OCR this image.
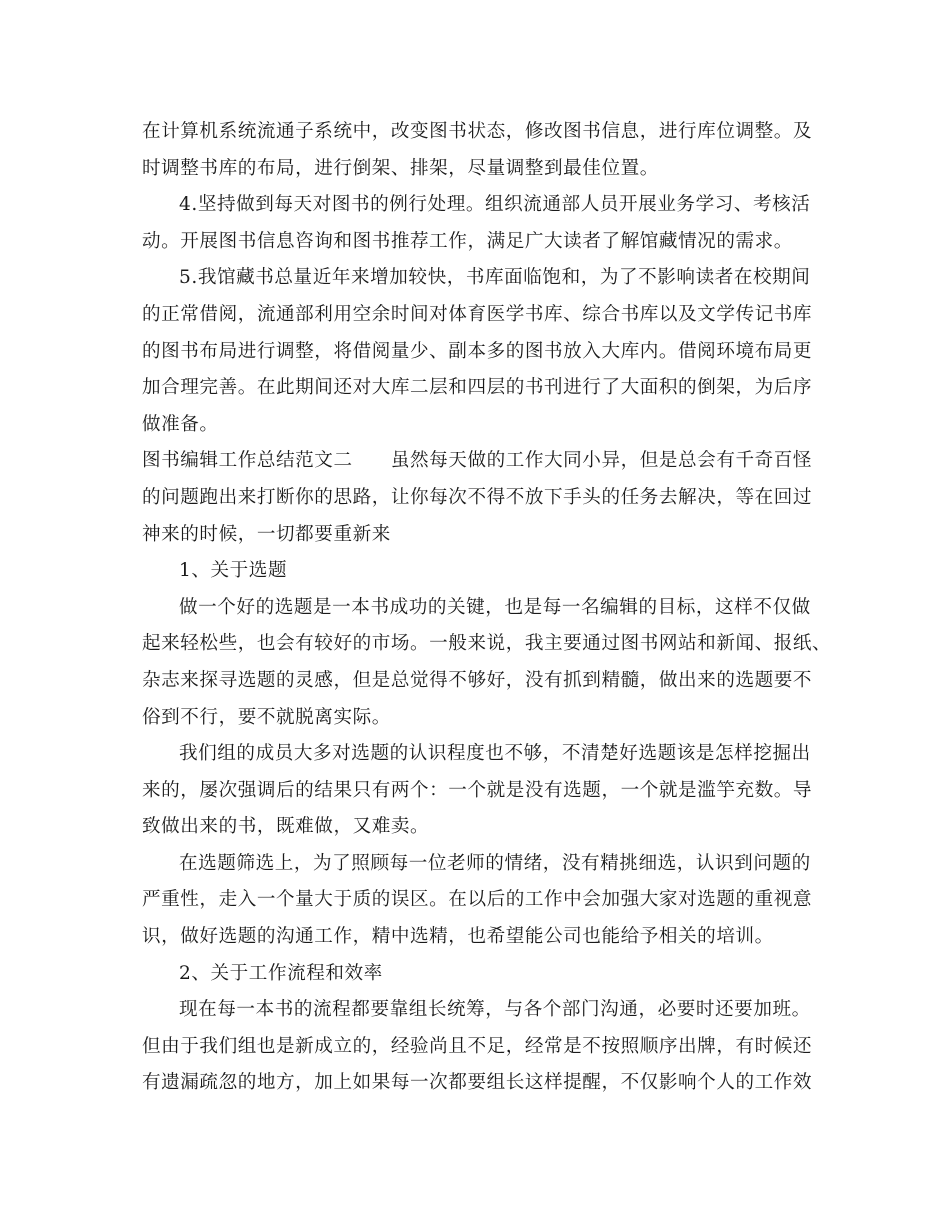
在计算机系统流通子系统中，改变图书状态，修改图书信息，进行库位调整。及
时调整书库的布局，进行倒架、排架，尽量调整到最佳位置。
4.坚持做到每天对图书的例行处理。组织流通部人员开展业务学习、考核活
动。开展图书信息咨询和图书推荐工作，满足广大读者了解馆藏情况的需求。
5.我馆藏书总量近年来增加较快，书库面临饱和，为了不影响读者在校期间
的正常借阅，流通部利用空余时间对体育医学书库、综合书库以及文学传记书库
的图书布局进行调整，将借阅量少、副本多的图书放入大库内。借阅环境布局更
加合理完善。在此期间还对大库二层和四层的书刊进行了大面积的倒架，为后序
做准备。
图书编辑工作总结范文二　　虽然每天做的工作大同小异，但是总会有千奇百怪
的问题跑出来打断你的思路，让你每次不得不放下手头的任务去解决，等在回过
神来的时候，一切都要重新来
1、关于选题
做一个好的选题是一本书成功的关键，也是每一名编辑的目标，这样不仅做
起来轻松些，也会有较好的市场。一般来说，我主要通过图书网站和新闻、报纸、
杂志来探寻选题的灵感，但是总觉得不够好，没有抓到精髓，做出来的选题要不
俗到不行，要不就脱离实际。
我们组的成员大多对选题的认识程度也不够，不清楚好选题该是怎样挖掘出
来的，屡次强调后的结果只有两个：一个就是没有选题，一个就是滥竽充数。导
致做出来的书，既难做，又难卖。
在选题筛选上，为了照顾每一位老师的情绪，没有精挑细选，认识到问题的
严重性，走入一个量大于质的误区。在以后的工作中会加强大家对选题的重视意
识，做好选题的沟通工作，精中选精，也希望能公司也能给予相关的培训。
2、关于工作流程和效率
现在每一本书的流程都要靠组长统筹，与各个部门沟通，必要时还要加班。
但由于我们组也是新成立的，经验尚且不足，经常是不按照顺序出牌，有时候还
有遗漏疏忽的地方，加上如果每一次都要组长这样提醒，不仅影响个人的工作效
